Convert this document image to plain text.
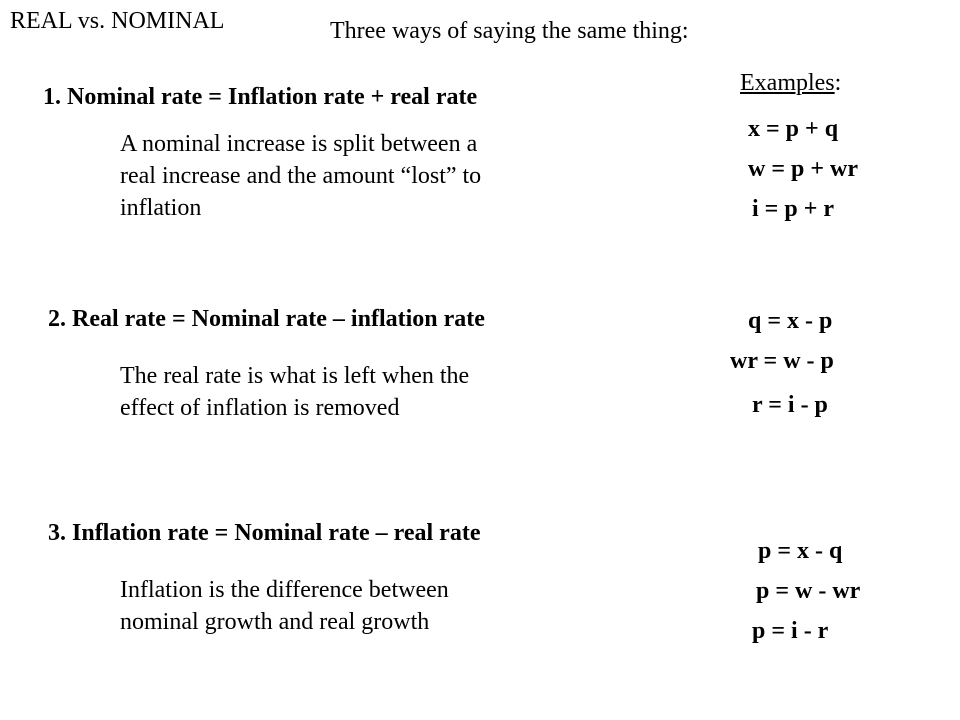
REAL vs. NOMINAL	Three ways of saying the same thing:
Examples:
1. Nominal rate = Inflation rate + real rate
A nominal increase is split between a
real increase and the amount “lost” to
inflation
x = p + q
w = p + wr
i = p + r
2. Real rate = Nominal rate – inflation rate
The real rate is what is left when the
effect of inflation is removed
q = x - p
wr = w - p
r = i - p
3. Inflation rate = Nominal rate – real rate
Inflation is the difference between
nominal growth and real growth
p = x - q
p = w - wr
p = i - r
